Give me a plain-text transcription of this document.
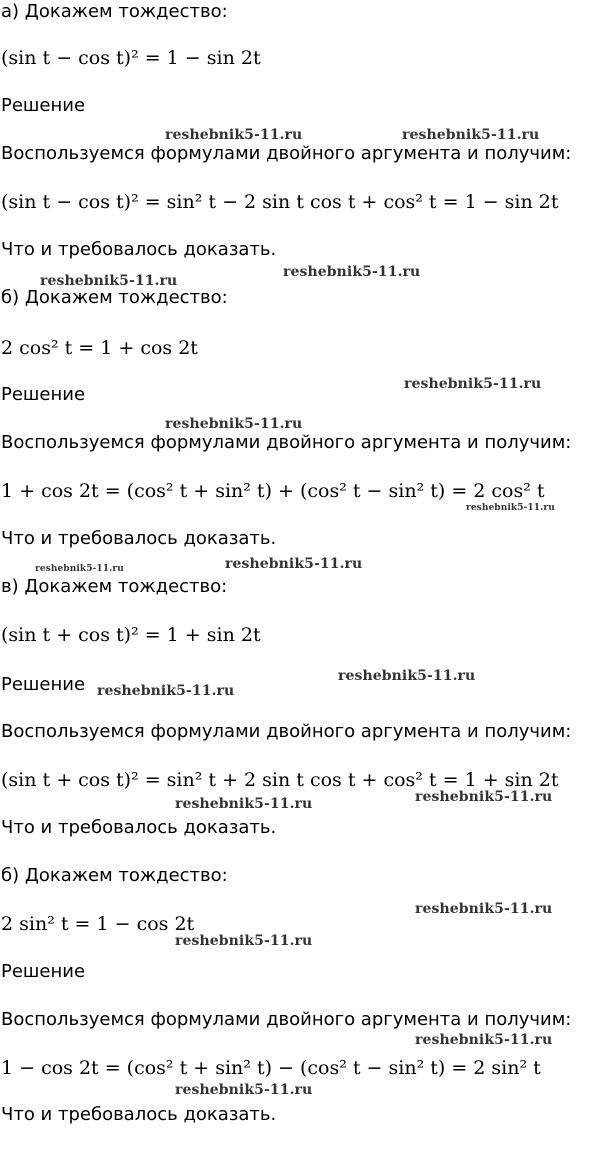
а) Докажем тождество:
(sin t − cos t)² = 1 − sin 2t
Решение
Воспользуемся формулами двойного аргумента и получим:
(sin t − cos t)² = sin² t − 2 sin t cos t + cos² t = 1 − sin 2t
Что и требовалось доказать.
б) Докажем тождество:
2 cos² t = 1 + cos 2t
Решение
Воспользуемся формулами двойного аргумента и получим:
1 + cos 2t = (cos² t + sin² t) + (cos² t − sin² t) = 2 cos² t
Что и требовалось доказать.
в) Докажем тождество:
(sin t + cos t)² = 1 + sin 2t
Решение
Воспользуемся формулами двойного аргумента и получим:
(sin t + cos t)² = sin² t + 2 sin t cos t + cos² t = 1 + sin 2t
Что и требовалось доказать.
б) Докажем тождество:
2 sin² t = 1 − cos 2t
Решение
Воспользуемся формулами двойного аргумента и получим:
1 − cos 2t = (cos² t + sin² t) − (cos² t − sin² t) = 2 sin² t
Что и требовалось доказать.
reshebnik5-11.ru	reshebnik5-11.ru
reshebnik5-11.ru
reshebnik5-11.ru
reshebnik5-11.ru
reshebnik5-11.ru
reshebnik5-11.ru
reshebnik5-11.ru	reshebnik5-11.ru
reshebnik5-11.ru
reshebnik5-11.ru
reshebnik5-11.ru	reshebnik5-11.ru
reshebnik5-11.ru
reshebnik5-11.ru
reshebnik5-11.ru
reshebnik5-11.ru
